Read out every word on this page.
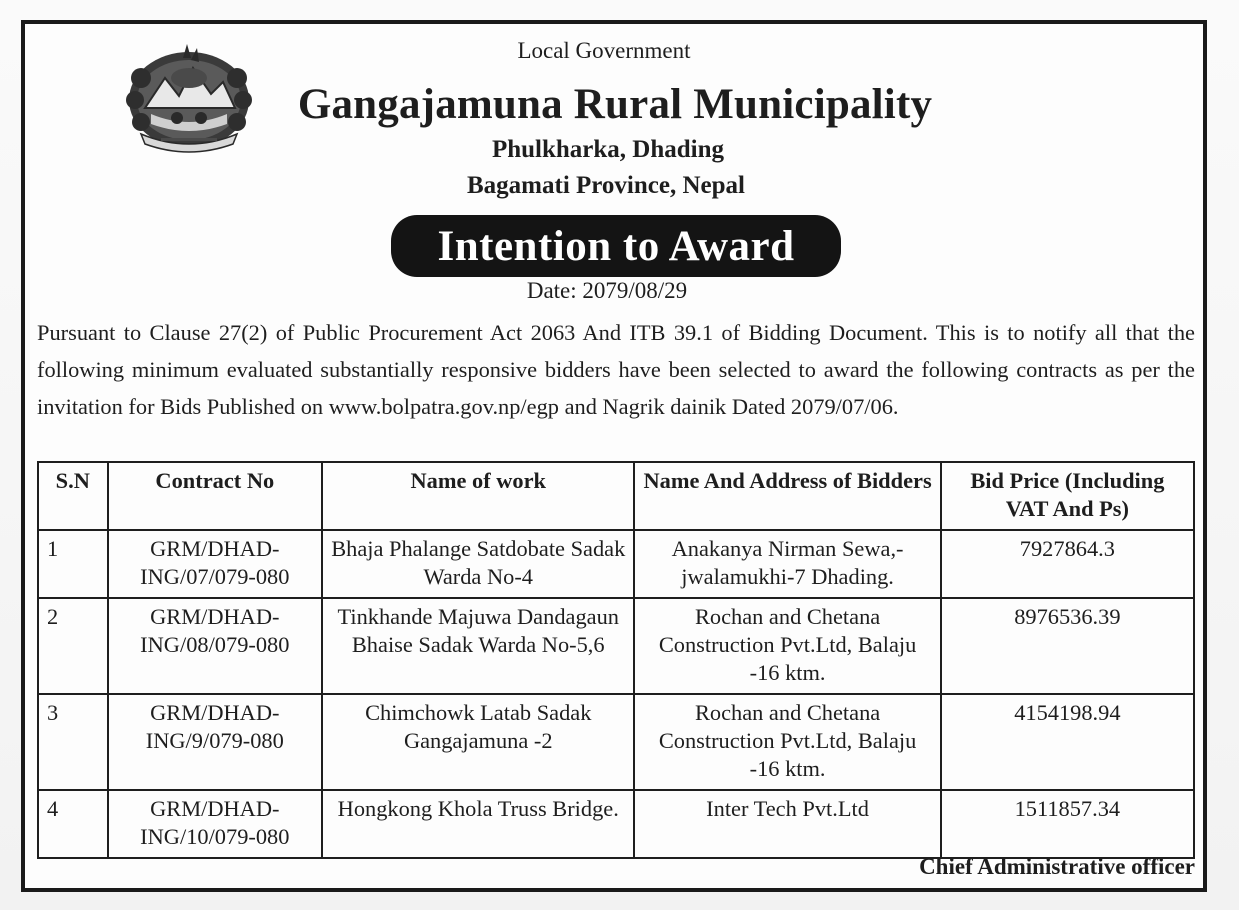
Local Government

Gangajamuna Rural Municipality

Phulkharka, Dhading

Bagamati Province, Nepal

Intention to Award

Date: 2079/08/29

Pursuant to Clause 27(2) of Public Procurement Act 2063 And ITB 39.1 of Bidding Document. This is to notify all that the following minimum evaluated substantially responsive bidders have been selected to award the following contracts as per the invitation for Bids Published on www.bolpatra.gov.np/egp and Nagrik dainik Dated 2079/07/06.

S.N	Contract No	Name of work	Name And Address of Bidders	Bid Price (Including VAT And Ps)
1	GRM/DHAD-ING/07/079-080	Bhaja Phalange Satdobate Sadak Warda No-4	Anakanya Nirman Sewa,-jwalamukhi-7 Dhading.	7927864.3
2	GRM/DHAD-ING/08/079-080	Tinkhande Majuwa Dandagaun Bhaise Sadak Warda No-5,6	Rochan and Chetana Construction Pvt.Ltd, Balaju -16 ktm.	8976536.39
3	GRM/DHAD-ING/9/079-080	Chimchowk Latab Sadak Gangajamuna -2	Rochan and Chetana Construction Pvt.Ltd, Balaju -16 ktm.	4154198.94
4	GRM/DHAD-ING/10/079-080	Hongkong Khola Truss Bridge.	Inter Tech Pvt.Ltd	1511857.34

Chief Administrative officer
